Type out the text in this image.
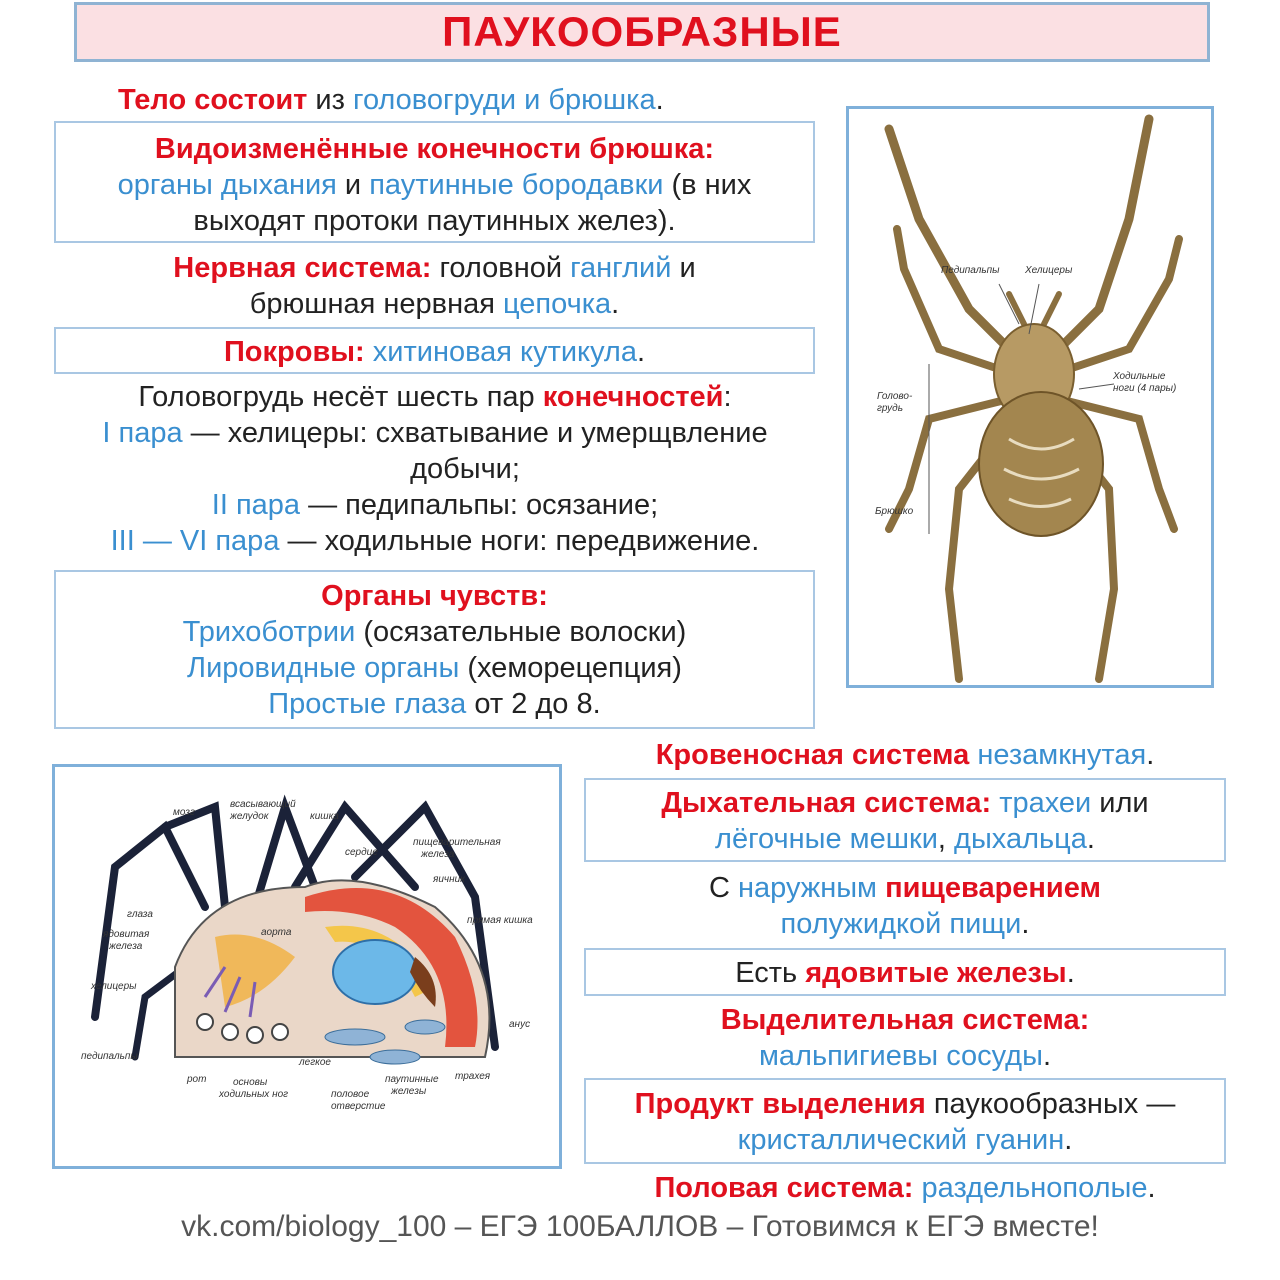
ПАУКООБРАЗНЫЕ
Тело состоит из головогруди и брюшка.
Видоизменённые конечности брюшка:
органы дыхания и паутинные бородавки (в них
выходят протоки паутинных желез).
Нервная система: головной ганглий и
брюшная нервная цепочка.
Покровы: хитиновая кутикула.
Головогрудь несёт шесть пар конечностей:
I пара — хелицеры: схватывание и умерщвление
добычи;
II пара — педипальпы: осязание;
III — VI пара — ходильные ноги: передвижение.
Органы чувств:
Трихоботрии (осязательные волоски)
Лировидные органы (хеморецепция)
Простые глаза от 2 до 8.
Педипальпы	Хелицеры
Ходильные
ноги (4 пары)
Голово-
грудь
Брюшко
мозг
всасывающий
желудок	кишка
сердце
пищеварительная
железа
яичник
прямая кишка
глаза
ядовитая
железа
аорта
хелицеры
анус
педипальпы
рот	основы
ходильных ног
легкое
половое
отверстие
паутинные
железы
трахея
Кровеносная система незамкнутая.
Дыхательная система: трахеи или
лёгочные мешки, дыхальца.
С наружным пищеварением
полужидкой пищи.
Есть ядовитые железы.
Выделительная система:
мальпигиевы сосуды.
Продукт выделения паукообразных —
кристаллический гуанин.
Половая система: раздельнополые.
vk.com/biology_100 – ЕГЭ 100БАЛЛОВ – Готовимся к ЕГЭ вместе!
